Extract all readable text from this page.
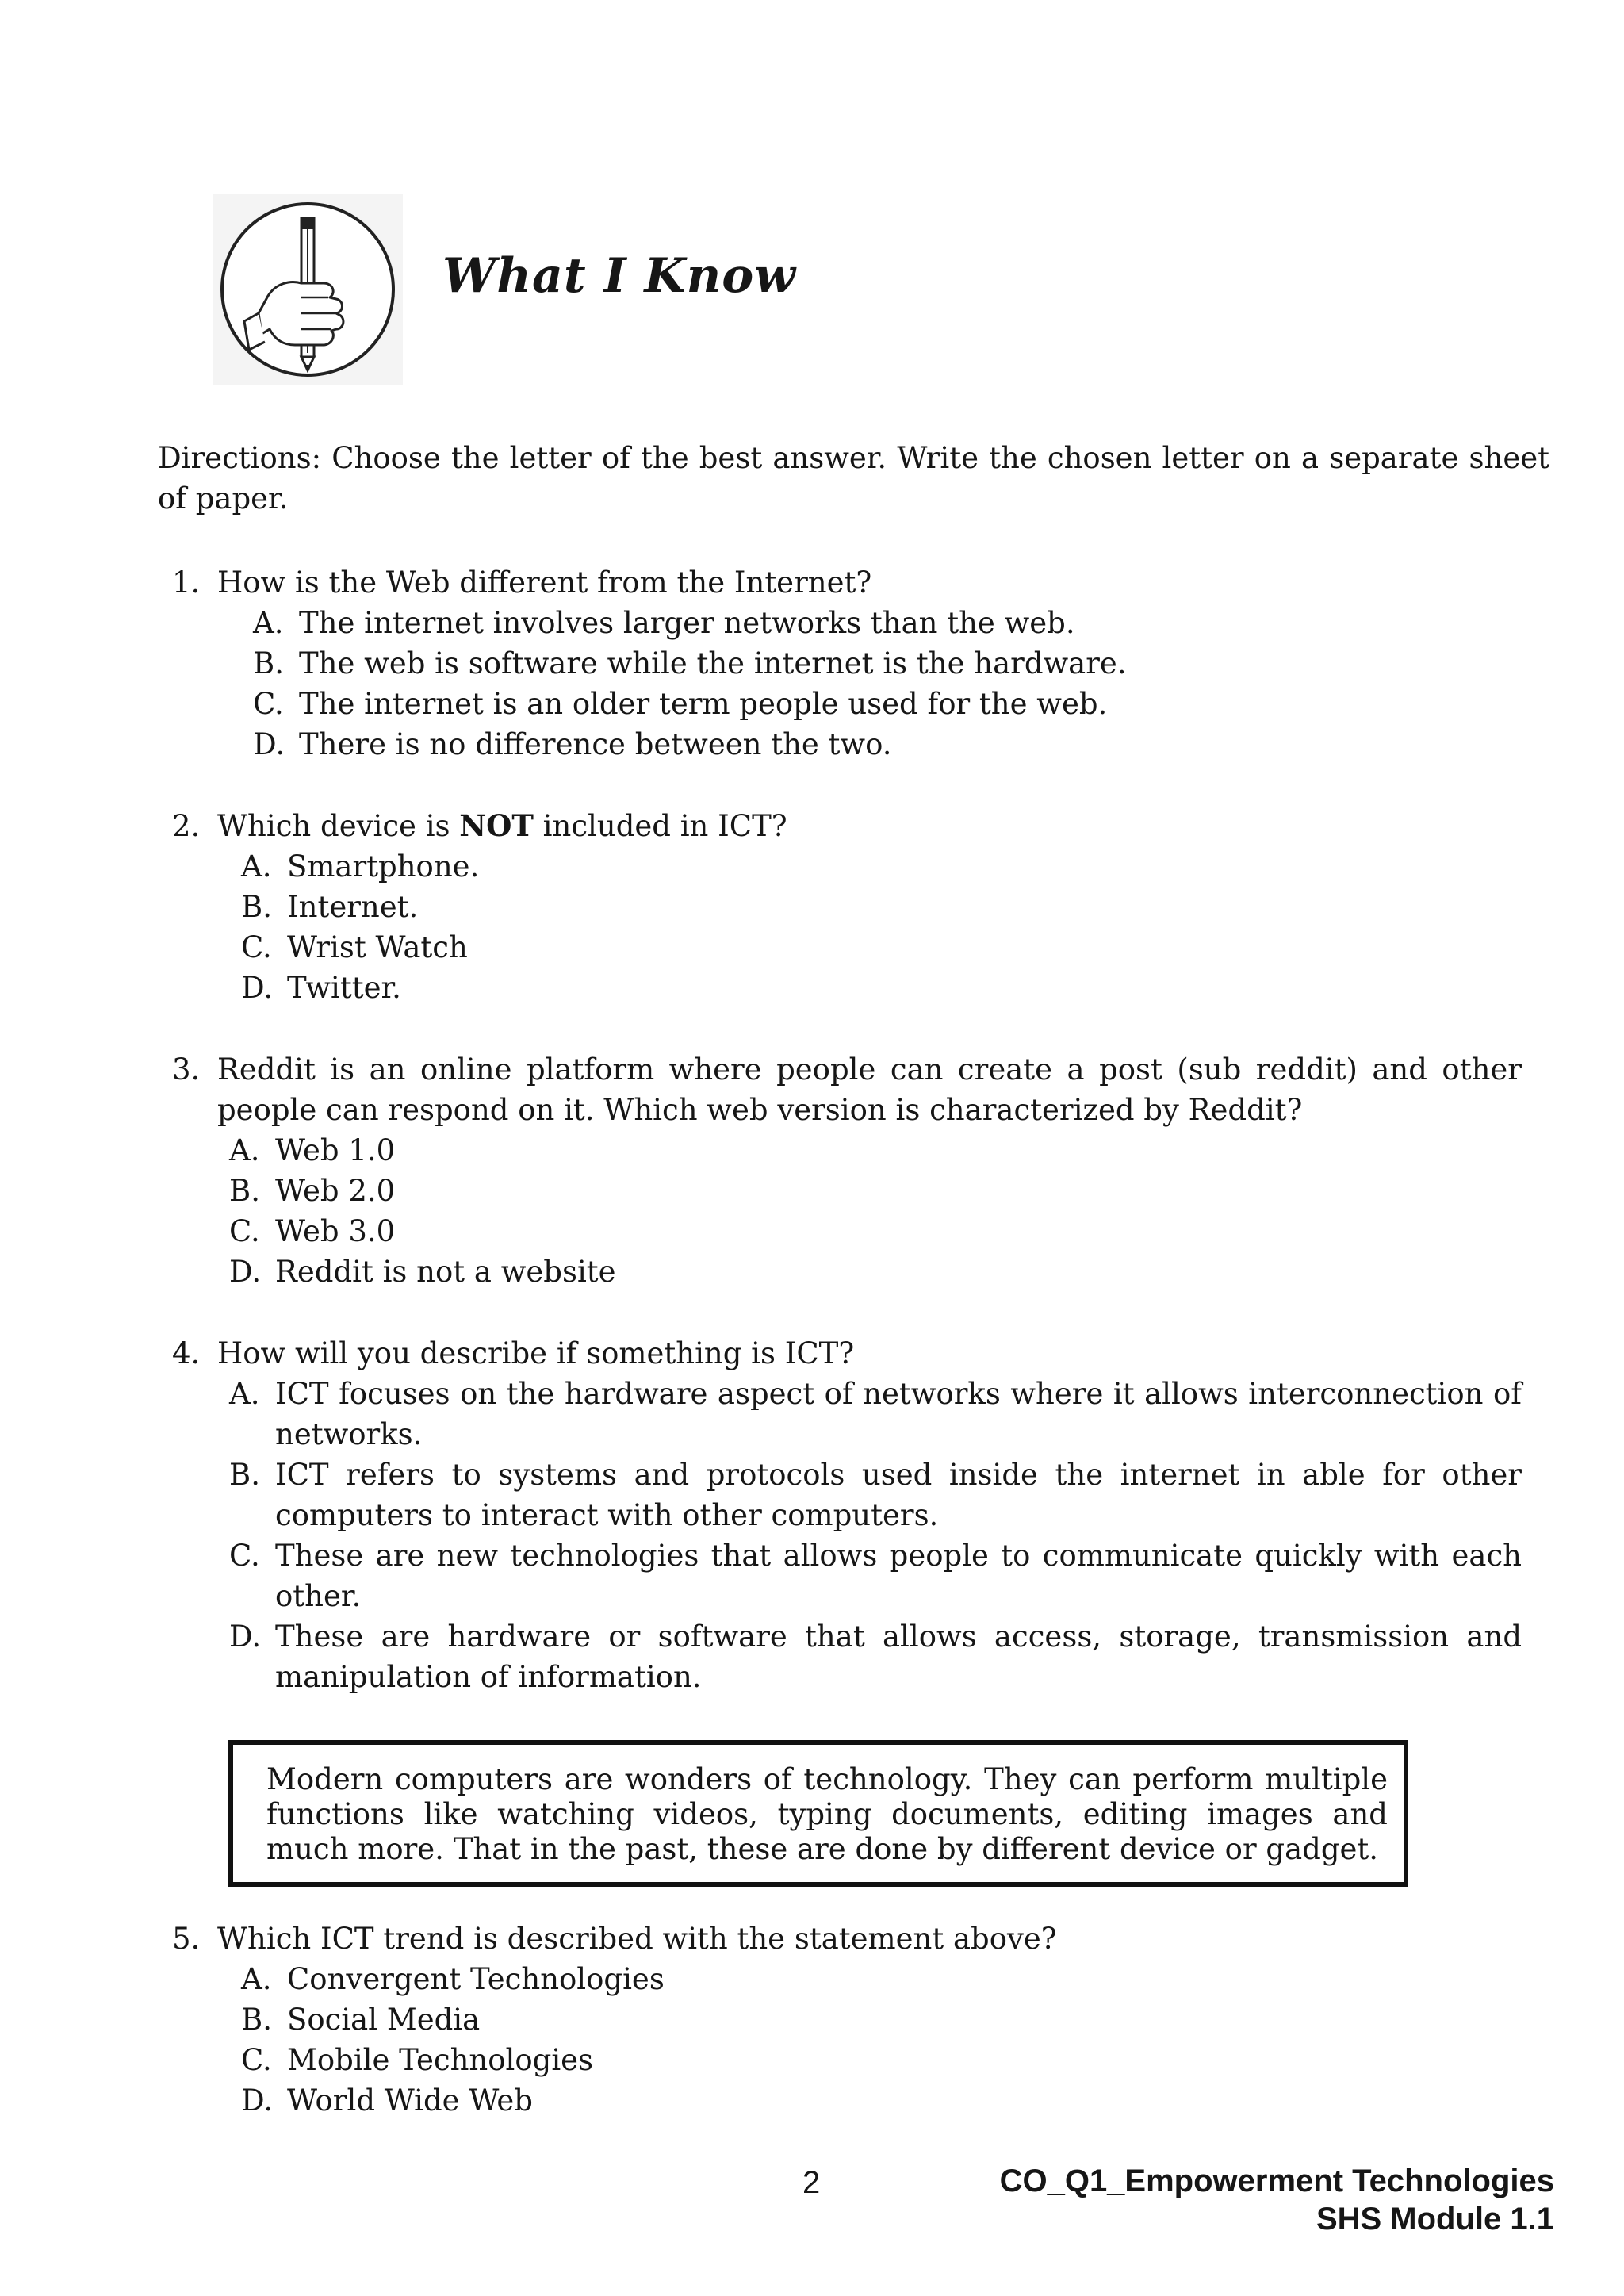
What I Know
Directions: Choose the letter of the best answer. Write the chosen letter on a separate sheet of paper.
1. How is the Web different from the Internet?
A. The internet involves larger networks than the web.
B. The web is software while the internet is the hardware.
C. The internet is an older term people used for the web.
D. There is no difference between the two.
2. Which device is NOT included in ICT?
A. Smartphone.
B. Internet.
C. Wrist Watch
D. Twitter.
3. Reddit is an online platform where people can create a post (sub reddit) and other people can respond on it. Which web version is characterized by Reddit?
A. Web 1.0
B. Web 2.0
C. Web 3.0
D. Reddit is not a website
4. How will you describe if something is ICT?
A. ICT focuses on the hardware aspect of networks where it allows interconnection of networks.
B. ICT refers to systems and protocols used inside the internet in able for other computers to interact with other computers.
C. These are new technologies that allows people to communicate quickly with each other.
D. These are hardware or software that allows access, storage, transmission and manipulation of information.
Modern computers are wonders of technology. They can perform multiple functions like watching videos, typing documents, editing images and much more. That in the past, these are done by different device or gadget.
5. Which ICT trend is described with the statement above?
A. Convergent Technologies
B. Social Media
C. Mobile Technologies
D. World Wide Web
2	CO_Q1_Empowerment Technologies
SHS Module 1.1
